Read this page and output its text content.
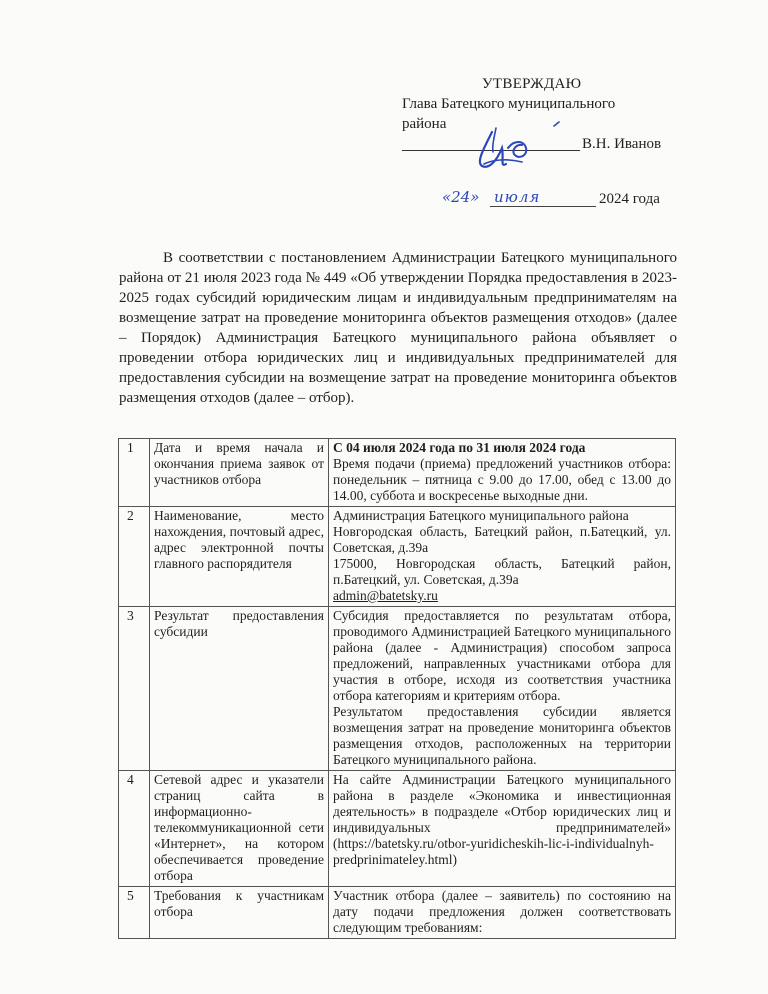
УТВЕРЖДАЮ
Глава Батецкого муниципального
района
В.Н. Иванов
«24» июля	2024 года

В соответствии с постановлением Администрации Батецкого муниципального района от 21 июля 2023 года № 449 «Об утверждении Порядка предоставления в 2023-2025 годах субсидий юридическим лицам и индивидуальным предпринимателям на возмещение затрат на проведение мониторинга объектов размещения отходов» (далее – Порядок) Администрация Батецкого муниципального района объявляет о проведении отбора юридических лиц и индивидуальных предпринимателей для предоставления субсидии на возмещение затрат на проведение мониторинга объектов размещения отходов (далее – отбор).

1	Дата и время начала и окончания приема заявок от участников отбора	С 04 июля 2024 года по 31 июля 2024 года
Время подачи (приема) предложений участников отбора: понедельник – пятница с 9.00 до 17.00, обед с 13.00 до 14.00, суббота и воскресенье выходные дни.

2	Наименование, место нахождения, почтовый адрес, адрес электронной почты главного распорядителя	Администрация Батецкого муниципального района
Новгородская область, Батецкий район, п.Батецкий, ул. Советская, д.39а
175000, Новгородская область, Батецкий район, п.Батецкий, ул. Советская, д.39а
admin@batetsky.ru

3	Результат предоставления субсидии	Субсидия предоставляется по результатам отбора, проводимого Администрацией Батецкого муниципального района (далее - Администрация) способом запроса предложений, направленных участниками отбора для участия в отборе, исходя из соответствия участника отбора категориям и критериям отбора.
Результатом предоставления субсидии является возмещения затрат на проведение мониторинга объектов размещения отходов, расположенных на территории Батецкого муниципального района.

4	Сетевой адрес и указатели страниц сайта в информационно-телекоммуникационной сети «Интернет», на котором обеспечивается проведение отбора	На сайте Администрации Батецкого муниципального района в разделе «Экономика и инвестиционная деятельность» в подразделе «Отбор юридических лиц и индивидуальных предпринимателей» (https://batetsky.ru/otbor-yuridicheskih-lic-i-individualnyh-predprinimateley.html)

5	Требования к участникам отбора	Участник отбора (далее – заявитель) по состоянию на дату подачи предложения должен соответствовать следующим требованиям:
